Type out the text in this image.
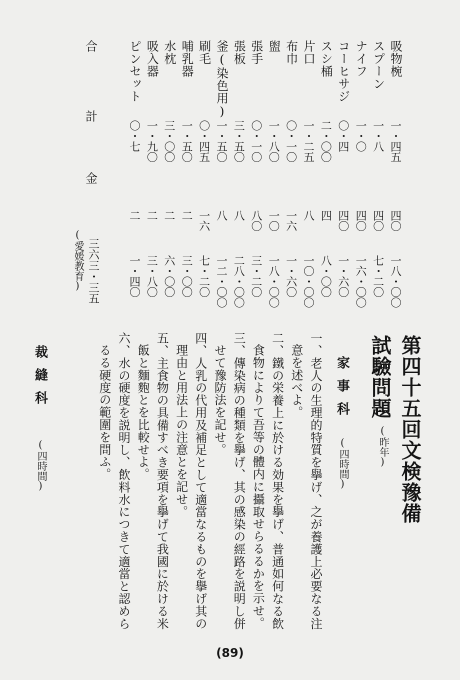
吸物椀
一・四五
四〇
一八・〇〇
スプーン
一・八
四〇
七・二〇
ナイフ
一・〇
四〇
一六・〇〇
コーヒサジ
〇・四
四〇
一・六〇
スシ桶
二・〇〇
四
八・〇〇
片口
一・二五
八
一〇・〇〇
布巾
〇・一〇
一六
一・六〇
盥
一・八〇
一〇
一八・〇〇
張手
〇・一〇
八〇
三・二〇
張板
三・五〇
八
二八・〇〇
釜(染色用)
一・五〇
八
一二・〇〇
刷毛
〇・四五
一六
七・二〇
哺乳器
一・五〇
二
三・〇〇
水枕
三・〇〇
二
六・〇〇
吸入器
一・九〇
二
三・八〇
ピンセット
〇・七
二
一・四〇
合
計
金
三六三・三五
(愛媛教育)
第四十五回文検豫備
試驗問題
(昨年)
家事科
(四時間)
一、老人の生理的特質を擧げ、之が養護上必要なる注
意を述べよ。
二、鐵の栄養上に於ける効果を擧げ、普通如何なる飲
食物によりて吾等の體内に攝取せらるるかを示せ。
三、傳染病の種類を擧げ、其の感染の經路を説明し併
せて豫防法を記せ。
四、人乳の代用及補足として適當なるものを擧げ其の
理由と用法上の注意とを記せ。
五、主食物の具備すべき要項を擧げて我國に於ける米
飯と麵麭とを比較せよ。
六、水の硬度を説明し、飲料水につきて適當と認めら
るる硬度の範圍を問ふ。
裁縫科
(四時間)
(89)
